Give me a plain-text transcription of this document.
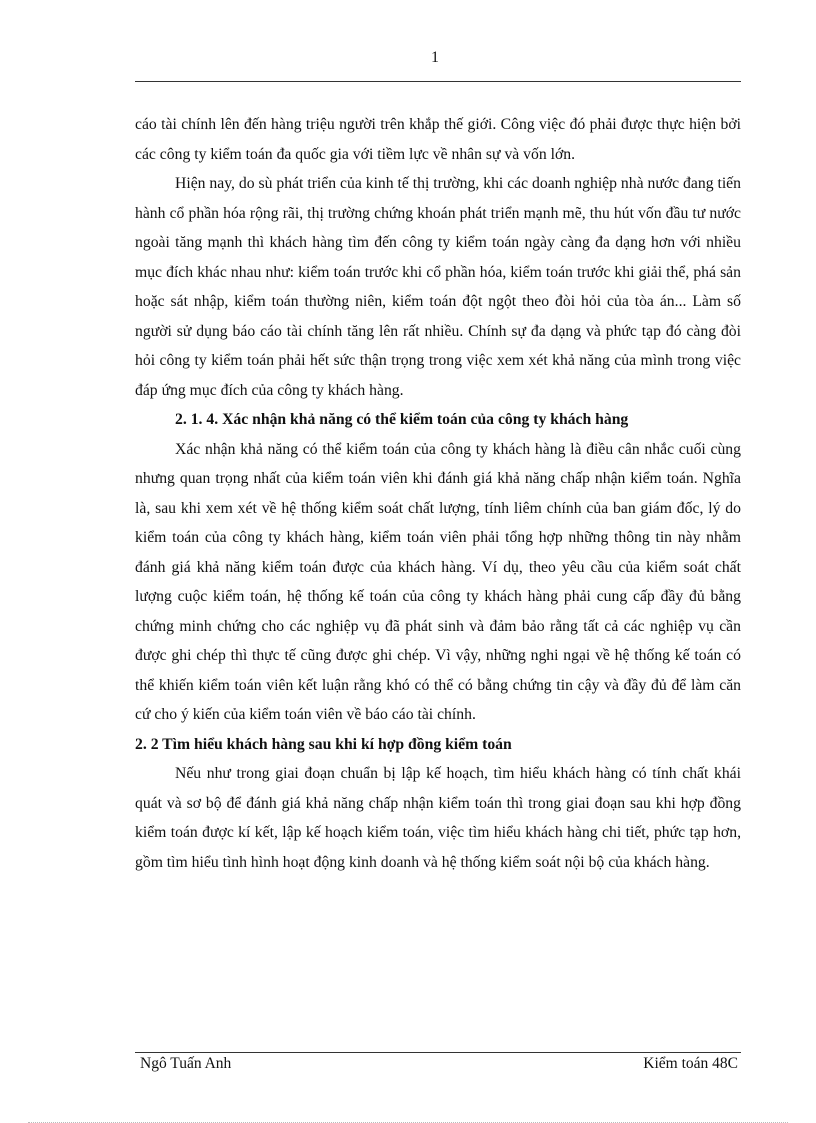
1

cáo tài chính lên đến hàng triệu người trên khắp thế giới. Công việc đó phải được thực hiện bởi các công ty kiểm toán đa quốc gia với tiềm lực về nhân sự và vốn lớn.

Hiện nay, do sù phát triển của kinh tế thị trường, khi các doanh nghiệp nhà nước đang tiến hành cổ phần hóa rộng rãi, thị trường chứng khoán phát triển mạnh mẽ, thu hút vốn đầu tư nước ngoài tăng mạnh thì khách hàng tìm đến công ty kiểm toán ngày càng đa dạng hơn với nhiều mục đích khác nhau như: kiểm toán trước khi cổ phần hóa, kiểm toán trước khi giải thể, phá sản hoặc sát nhập, kiểm toán thường niên, kiểm toán đột ngột theo đòi hỏi của tòa án... Làm số người sử dụng báo cáo tài chính tăng lên rất nhiều. Chính sự đa dạng và phức tạp đó càng đòi hỏi công ty kiểm toán phải hết sức thận trọng trong việc xem xét khả năng của mình trong việc đáp ứng mục đích của công ty khách hàng.

2. 1. 4. Xác nhận khả năng có thể kiểm toán của công ty khách hàng

Xác nhận khả năng có thể kiểm toán của công ty khách hàng là điều cân nhắc cuối cùng nhưng quan trọng nhất của kiểm toán viên khi đánh giá khả năng chấp nhận kiểm toán. Nghĩa là, sau khi xem xét về hệ thống kiểm soát chất lượng, tính liêm chính của ban giám đốc, lý do kiểm toán của công ty khách hàng, kiểm toán viên phải tổng hợp những thông tin này nhằm đánh giá khả năng kiểm toán được của khách hàng. Ví dụ, theo yêu cầu của kiểm soát chất lượng cuộc kiểm toán, hệ thống kế toán của công ty khách hàng phải cung cấp đầy đủ bằng chứng minh chứng cho các nghiệp vụ đã phát sinh và đảm bảo rằng tất cả các nghiệp vụ cần được ghi chép thì thực tế cũng được ghi chép. Vì vậy, những nghi ngại về hệ thống kế toán có thể khiến kiểm toán viên kết luận rằng khó có thể có bằng chứng tin cậy và đầy đủ để làm căn cứ cho ý kiến của kiểm toán viên về báo cáo tài chính.

2. 2 Tìm hiểu khách hàng sau khi kí hợp đồng kiểm toán

Nếu như trong giai đoạn chuẩn bị lập kế hoạch, tìm hiểu khách hàng có tính chất khái quát và sơ bộ để đánh giá khả năng chấp nhận kiểm toán thì trong giai đoạn sau khi hợp đồng kiểm toán được kí kết, lập kế hoạch kiểm toán, việc tìm hiểu khách hàng chi tiết, phức tạp hơn, gồm tìm hiểu tình hình hoạt động kinh doanh và hệ thống kiểm soát nội bộ của khách hàng.

Ngô Tuấn Anh	Kiểm toán 48C
